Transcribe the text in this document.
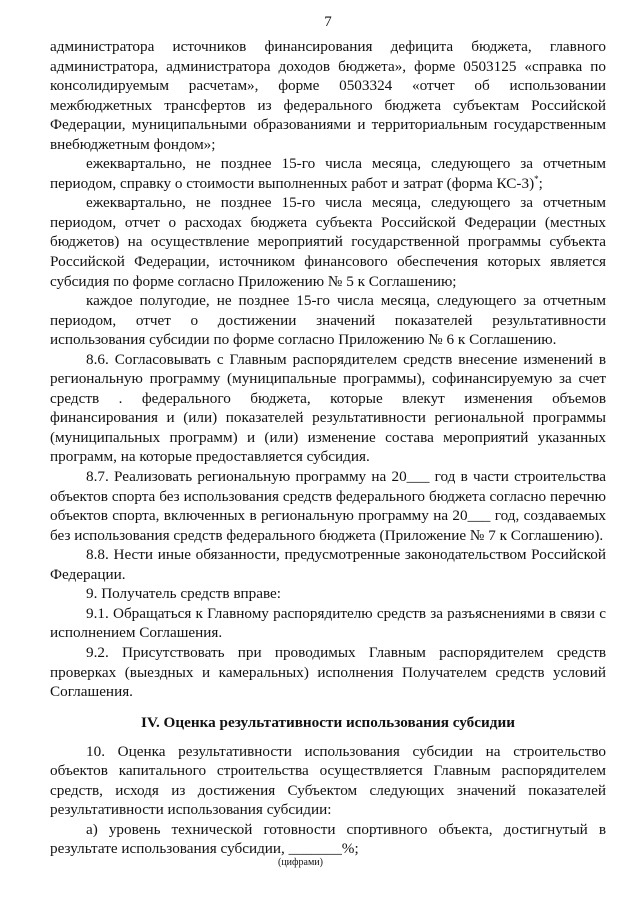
7

администратора источников финансирования дефицита бюджета, главного администратора, администратора доходов бюджета», форме 0503125 «справка по консолидируемым расчетам», форме 0503324 «отчет об использовании межбюджетных трансфертов из федерального бюджета субъектам Российской Федерации, муниципальными образованиями и территориальным государственным внебюджетным фондом»;

ежеквартально, не позднее 15-го числа месяца, следующего за отчетным периодом, справку о стоимости выполненных работ и затрат (форма КС-3)*;

ежеквартально, не позднее 15-го числа месяца, следующего за отчетным периодом, отчет о расходах бюджета субъекта Российской Федерации (местных бюджетов) на осуществление мероприятий государственной программы субъекта Российской Федерации, источником финансового обеспечения которых является субсидия по форме согласно Приложению № 5 к Соглашению;

каждое полугодие, не позднее 15-го числа месяца, следующего за отчетным периодом, отчет о достижении значений показателей результативности использования субсидии по форме согласно Приложению № 6 к Соглашению.

8.6. Согласовывать с Главным распорядителем средств внесение изменений в региональную программу (муниципальные программы), софинансируемую за счет средств . федерального бюджета, которые влекут изменения объемов финансирования и (или) показателей результативности региональной программы (муниципальных программ) и (или) изменение состава мероприятий указанных программ, на которые предоставляется субсидия.

8.7. Реализовать региональную программу на 20___ год в части строительства объектов спорта без использования средств федерального бюджета согласно перечню объектов спорта, включенных в региональную программу на 20___ год, создаваемых без использования средств федерального бюджета (Приложение № 7 к Соглашению).

8.8. Нести иные обязанности, предусмотренные законодательством Российской Федерации.

9. Получатель средств вправе:

9.1. Обращаться к Главному распорядителю средств за разъяснениями в связи с исполнением Соглашения.

9.2. Присутствовать при проводимых Главным распорядителем средств проверках (выездных и камеральных) исполнения Получателем средств условий Соглашения.

IV. Оценка результативности использования субсидии

10. Оценка результативности использования субсидии на строительство объектов капитального строительства осуществляется Главным распорядителем средств, исходя из достижения Субъектом следующих значений показателей результативности использования субсидии:

а) уровень технической готовности спортивного объекта, достигнутый в результате использования субсидии, _______%;

(цифрами)
